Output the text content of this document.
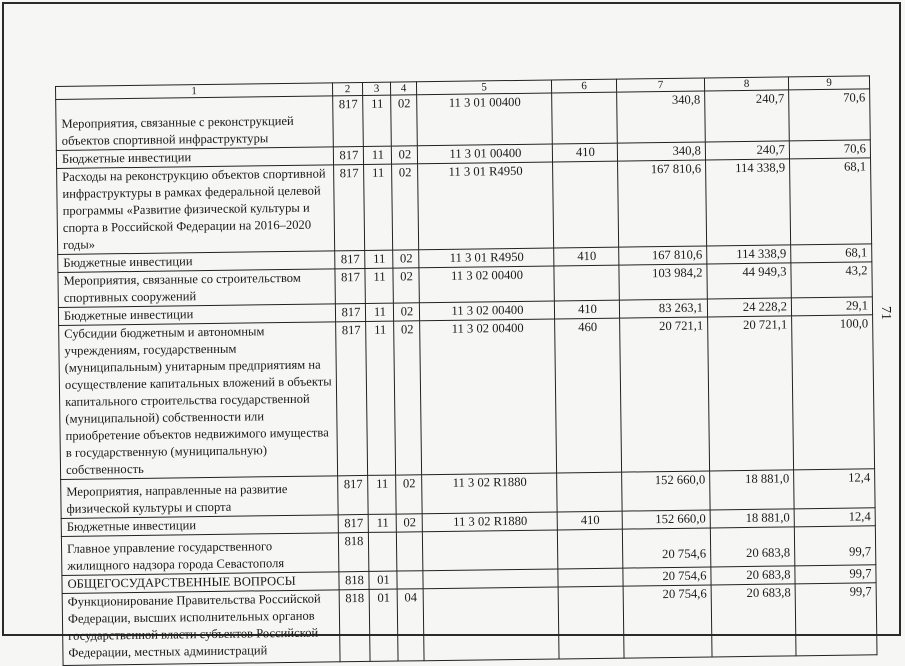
1	2	3	4	5	6	7	8	9
Мероприятия, связанные с реконструкцией объектов спортивной инфраструктуры	817	11	02	11 3 01 00400		340,8	240,7	70,6
Бюджетные инвестиции	817	11	02	11 3 01 00400	410	340,8	240,7	70,6
Расходы на реконструкцию объектов спортивной инфраструктуры в рамках федеральной целевой программы «Развитие физической культуры и спорта в Российской Федерации на 2016–2020 годы»	817	11	02	11 3 01 R4950		167 810,6	114 338,9	68,1
Бюджетные инвестиции	817	11	02	11 3 01 R4950	410	167 810,6	114 338,9	68,1
Мероприятия, связанные со строительством спортивных сооружений	817	11	02	11 3 02 00400		103 984,2	44 949,3	43,2
Бюджетные инвестиции	817	11	02	11 3 02 00400	410	83 263,1	24 228,2	29,1
Субсидии бюджетным и автономным учреждениям, государственным (муниципальным) унитарным предприятиям на осуществление капитальных вложений в объекты капитального строительства государственной (муниципальной) собственности или приобретение объектов недвижимого имущества в государственную (муниципальную) собственность	817	11	02	11 3 02 00400	460	20 721,1	20 721,1	100,0
Мероприятия, направленные на развитие физической культуры и спорта	817	11	02	11 3 02 R1880		152 660,0	18 881,0	12,4
Бюджетные инвестиции	817	11	02	11 3 02 R1880	410	152 660,0	18 881,0	12,4
Главное управление государственного жилищного надзора города Севастополя	818					20 754,6	20 683,8	99,7
ОБЩЕГОСУДАРСТВЕННЫЕ ВОПРОСЫ	818	01				20 754,6	20 683,8	99,7
Функционирование Правительства Российской Федерации, высших исполнительных органов государственной власти субъектов Российской Федерации, местных администраций	818	01	04			20 754,6	20 683,8	99,7
71
